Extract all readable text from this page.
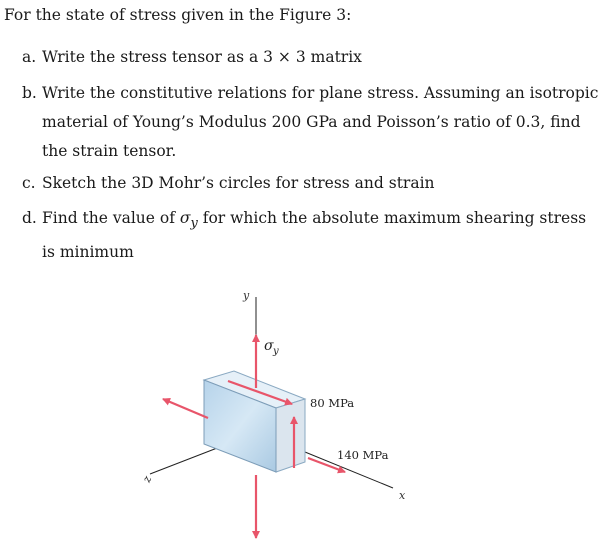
For the state of stress given in the Figure 3:
a. Write the stress tensor as a 3 × 3 matrix
b. Write the constitutive relations for plane stress. Assuming an isotropic
material of Young’s Modulus 200 GPa and Poisson’s ratio of 0.3, find
the strain tensor.
c. Sketch the 3D Mohr’s circles for stress and strain
d. Find the value of $\sigma_y$ for which the absolute maximum shearing stress
is minimum
y
x
z
σ y
80 MPa
140 MPa
